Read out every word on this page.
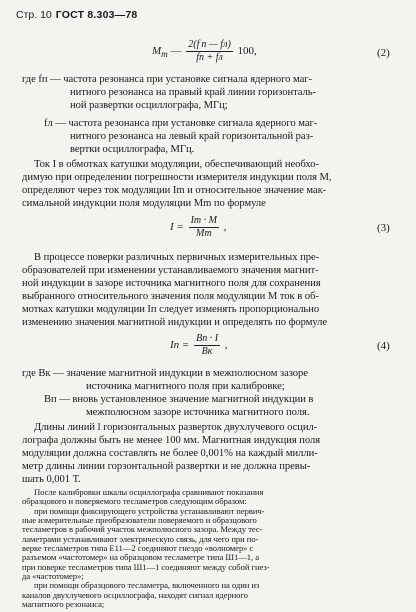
Стр. 10 ГОСТ 8.303—78
$M_m$ — $\frac{\text{2(f п — fл)}}{fп + fл} 100$,	(2)
где fп — частота резонанса при установке сигнала ядерного маг-
нитного резонанса на правый край линии горизонталь-
ной развертки осциллографа, МГц;
fл — частота резонанса при установке сигнала ядерного маг-
нитного резонанса на левый край горизонтальной раз-
вертки осциллографа, МГц.
Ток I в обмотках катушки модуляции, обеспечивающий необхо-
димую при определении погрешности измерителя индукции поля М,
определяют через ток модуляции Im и относительное значение мак-
симальной индукции поля модуляции Mm по формуле
$I = \frac{Im \cdot M}{Mm}$ ,	(3)
В процессе поверки различных первичных измерительных пре-
образователей при изменении устанавливаемого значения магнит-
ной индукции в зазоре источника магнитного поля для сохранения
выбранного относительного значения поля модуляции М ток в об-
мотках катушки модуляции Iп следует изменять пропорционально
изменению значения магнитной индукции и определять по формуле
Iп = $\frac{Bп \cdot I}{Bк}$ ,	(4)
где Bк — значение магнитной индукции в межполюсном зазоре
источника магнитного поля при калибровке;
Bп — вновь установленное значение магнитной индукции в
межполюсном зазоре источника магнитного поля.
Длины линий l горизонтальных разверток двухлучевого осцил-
лографа должны быть не менее 100 мм. Магнитная индукция поля
модуляции должна составлять не более 0,001% на каждый милли-
метр длины линии горзонтальной развертки и не должна превы-
шать 0,001 Т.
После калибровки шкалы осциллографа сравнивают показания
образцового и поверяемого тесламетров следующим образом:
при помощи фиксирующего устройства устанавливают первич-
ные измерительные преобразователи поверяемого и образцового
тесламетров в рабочий участок межполюсного зазора. Между тес-
ламетрами устанавливают электрическую связь, для чего при по-
верке тесламетров типа Е11—2 соединяют гнездо «волномер» с
разъемом «частотомер» на образцовом тесламетре типа Ш1—1, а
при поверке тесламетров типа Ш1—1 соединяют между собой гнез-
да «частотомер»;
при помощи образцового тесламетра, включенного на один из
каналов двухлучевого осциллографа, находят сигнал ядерного
магнитного резонанса;
